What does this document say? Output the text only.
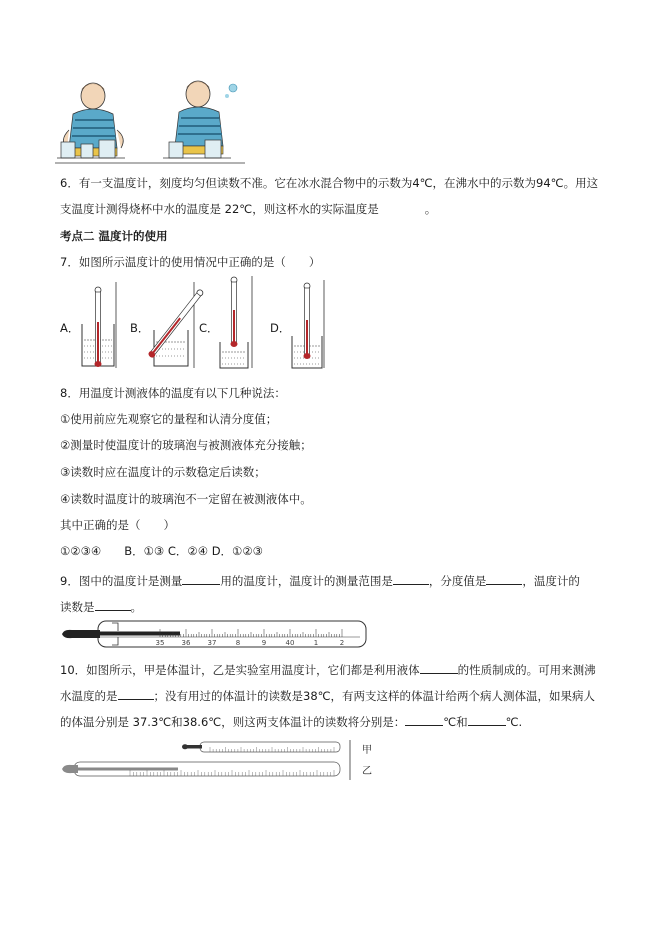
6．有一支温度计，刻度均匀但读数不准。它在冰水混合物中的示数为4℃，在沸水中的示数为94℃。用这
支温度计测得烧杯中水的温度是 22℃，则这杯水的实际温度是	。
考点二 温度计的使用
7．如图所示温度计的使用情况中正确的是（　　）
A．	B．	C．	D．
8．用温度计测液体的温度有以下几种说法：
①使用前应先观察它的量程和认清分度值；
②测量时使温度计的玻璃泡与被测液体充分接触；
③读数时应在温度计的示数稳定后读数；
④读数时温度计的玻璃泡不一定留在被测液体中。
其中正确的是（　　）
①②③④　　B．①③ C．②④ D．①②③
9．图中的温度计是测量	用的温度计，温度计的测量范围是	，分度值是	，温度计的
读数是	。
35 36 37	8	9	40	1	2
10．如图所示，甲是体温计，乙是实验室用温度计，它们都是利用液体	的性质制成的。可用来测沸
水温度的是	；没有用过的体温计的读数是38℃，有两支这样的体温计给两个病人测体温，如果病人
的体温分别是 37.3℃和38.6℃，则这两支体温计的读数将分别是：	℃和	℃.
甲
乙
